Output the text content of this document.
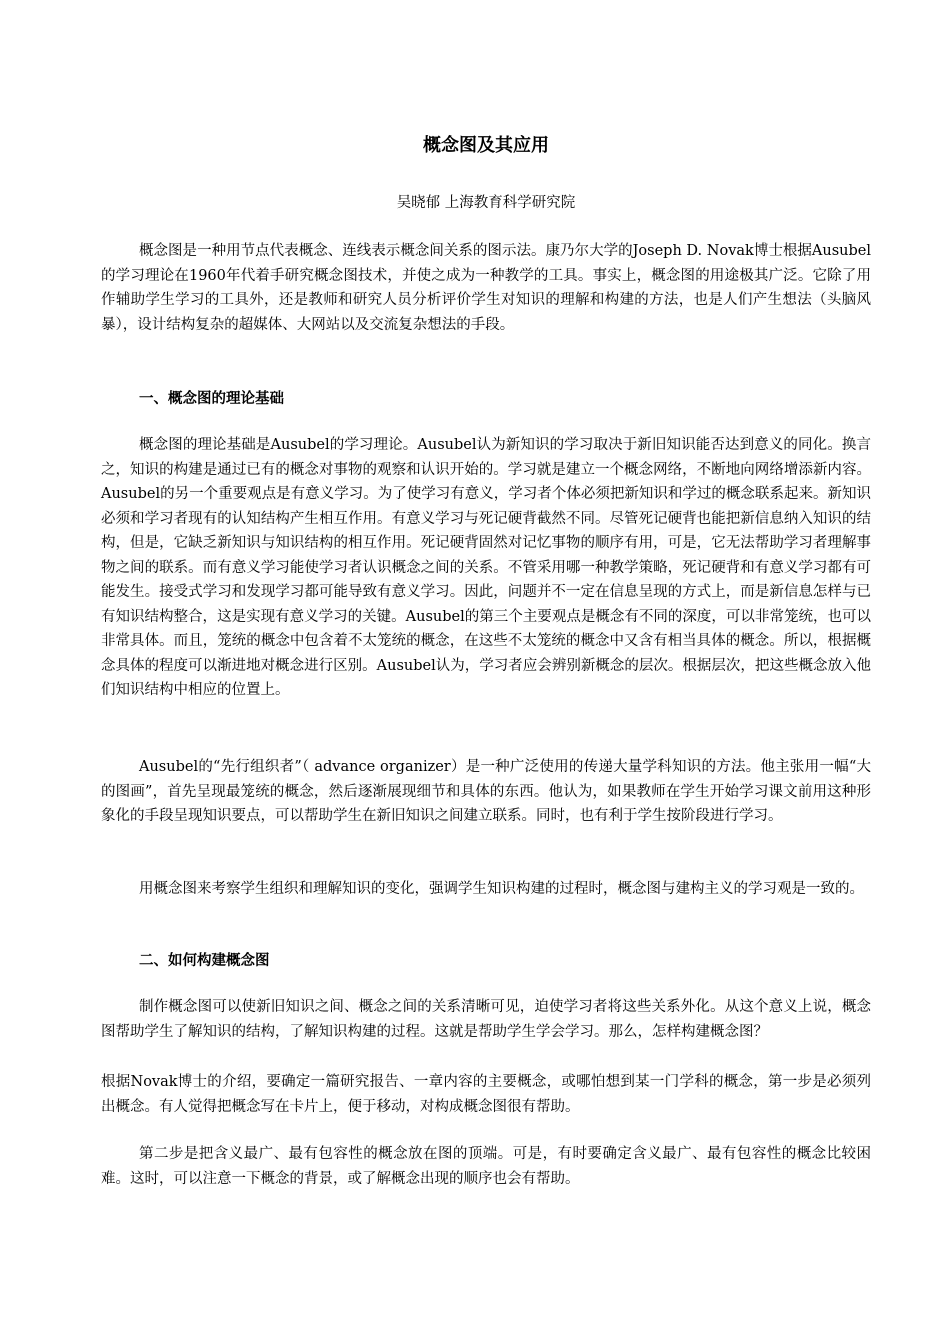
概念图及其应用

吴晓郁 上海教育科学研究院

概念图是一种用节点代表概念、连线表示概念间关系的图示法。康乃尔大学的Joseph D. Novak博士根据Ausubel的学习理论在1960年代着手研究概念图技术，并使之成为一种教学的工具。事实上，概念图的用途极其广泛。它除了用作辅助学生学习的工具外，还是教师和研究人员分析评价学生对知识的理解和构建的方法，也是人们产生想法（头脑风暴），设计结构复杂的超媒体、大网站以及交流复杂想法的手段。

一、概念图的理论基础

概念图的理论基础是Ausubel的学习理论。Ausubel认为新知识的学习取决于新旧知识能否达到意义的同化。换言之，知识的构建是通过已有的概念对事物的观察和认识开始的。学习就是建立一个概念网络，不断地向网络增添新内容。Ausubel的另一个重要观点是有意义学习。为了使学习有意义，学习者个体必须把新知识和学过的概念联系起来。新知识必须和学习者现有的认知结构产生相互作用。有意义学习与死记硬背截然不同。尽管死记硬背也能把新信息纳入知识的结构，但是，它缺乏新知识与知识结构的相互作用。死记硬背固然对记忆事物的顺序有用，可是，它无法帮助学习者理解事物之间的联系。而有意义学习能使学习者认识概念之间的关系。不管采用哪一种教学策略，死记硬背和有意义学习都有可能发生。接受式学习和发现学习都可能导致有意义学习。因此，问题并不一定在信息呈现的方式上，而是新信息怎样与已有知识结构整合，这是实现有意义学习的关键。Ausubel的第三个主要观点是概念有不同的深度，可以非常笼统，也可以非常具体。而且，笼统的概念中包含着不太笼统的概念，在这些不太笼统的概念中又含有相当具体的概念。所以，根据概念具体的程度可以渐进地对概念进行区别。Ausubel认为，学习者应会辨别新概念的层次。根据层次，把这些概念放入他们知识结构中相应的位置上。

Ausubel的“先行组织者”（ advance organizer）是一种广泛使用的传递大量学科知识的方法。他主张用一幅“大的图画”，首先呈现最笼统的概念，然后逐渐展现细节和具体的东西。他认为，如果教师在学生开始学习课文前用这种形象化的手段呈现知识要点，可以帮助学生在新旧知识之间建立联系。同时，也有利于学生按阶段进行学习。

用概念图来考察学生组织和理解知识的变化，强调学生知识构建的过程时，概念图与建构主义的学习观是一致的。

二、如何构建概念图

制作概念图可以使新旧知识之间、概念之间的关系清晰可见，迫使学习者将这些关系外化。从这个意义上说，概念图帮助学生了解知识的结构，了解知识构建的过程。这就是帮助学生学会学习。那么，怎样构建概念图？

根据Novak博士的介绍，要确定一篇研究报告、一章内容的主要概念，或哪怕想到某一门学科的概念，第一步是必须列出概念。有人觉得把概念写在卡片上，便于移动，对构成概念图很有帮助。

第二步是把含义最广、最有包容性的概念放在图的顶端。可是，有时要确定含义最广、最有包容性的概念比较困难。这时，可以注意一下概念的背景，或了解概念出现的顺序也会有帮助。
